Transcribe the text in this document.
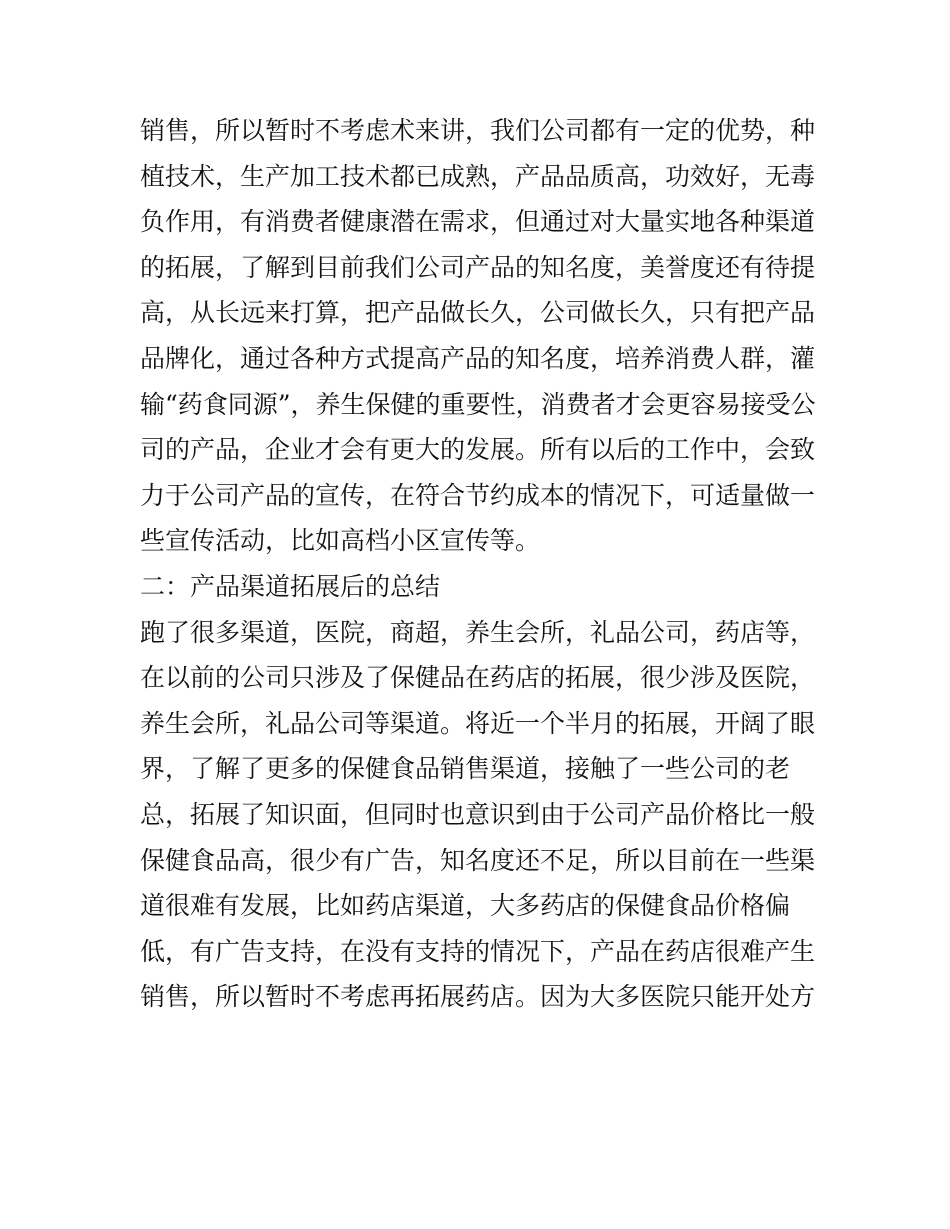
销售，所以暂时不考虑术来讲，我们公司都有一定的优势，种
植技术，生产加工技术都已成熟，产品品质高，功效好，无毒
负作用，有消费者健康潜在需求，但通过对大量实地各种渠道
的拓展，了解到目前我们公司产品的知名度，美誉度还有待提
高，从长远来打算，把产品做长久，公司做长久，只有把产品
品牌化，通过各种方式提高产品的知名度，培养消费人群，灌
输“药食同源”，养生保健的重要性，消费者才会更容易接受公
司的产品，企业才会有更大的发展。所有以后的工作中，会致
力于公司产品的宣传，在符合节约成本的情况下，可适量做一
些宣传活动，比如高档小区宣传等。
二：产品渠道拓展后的总结
跑了很多渠道，医院，商超，养生会所，礼品公司，药店等，
在以前的公司只涉及了保健品在药店的拓展，很少涉及医院，
养生会所，礼品公司等渠道。将近一个半月的拓展，开阔了眼
界，了解了更多的保健食品销售渠道，接触了一些公司的老
总，拓展了知识面，但同时也意识到由于公司产品价格比一般
保健食品高，很少有广告，知名度还不足，所以目前在一些渠
道很难有发展，比如药店渠道，大多药店的保健食品价格偏
低，有广告支持，在没有支持的情况下，产品在药店很难产生
销售，所以暂时不考虑再拓展药店。因为大多医院只能开处方
